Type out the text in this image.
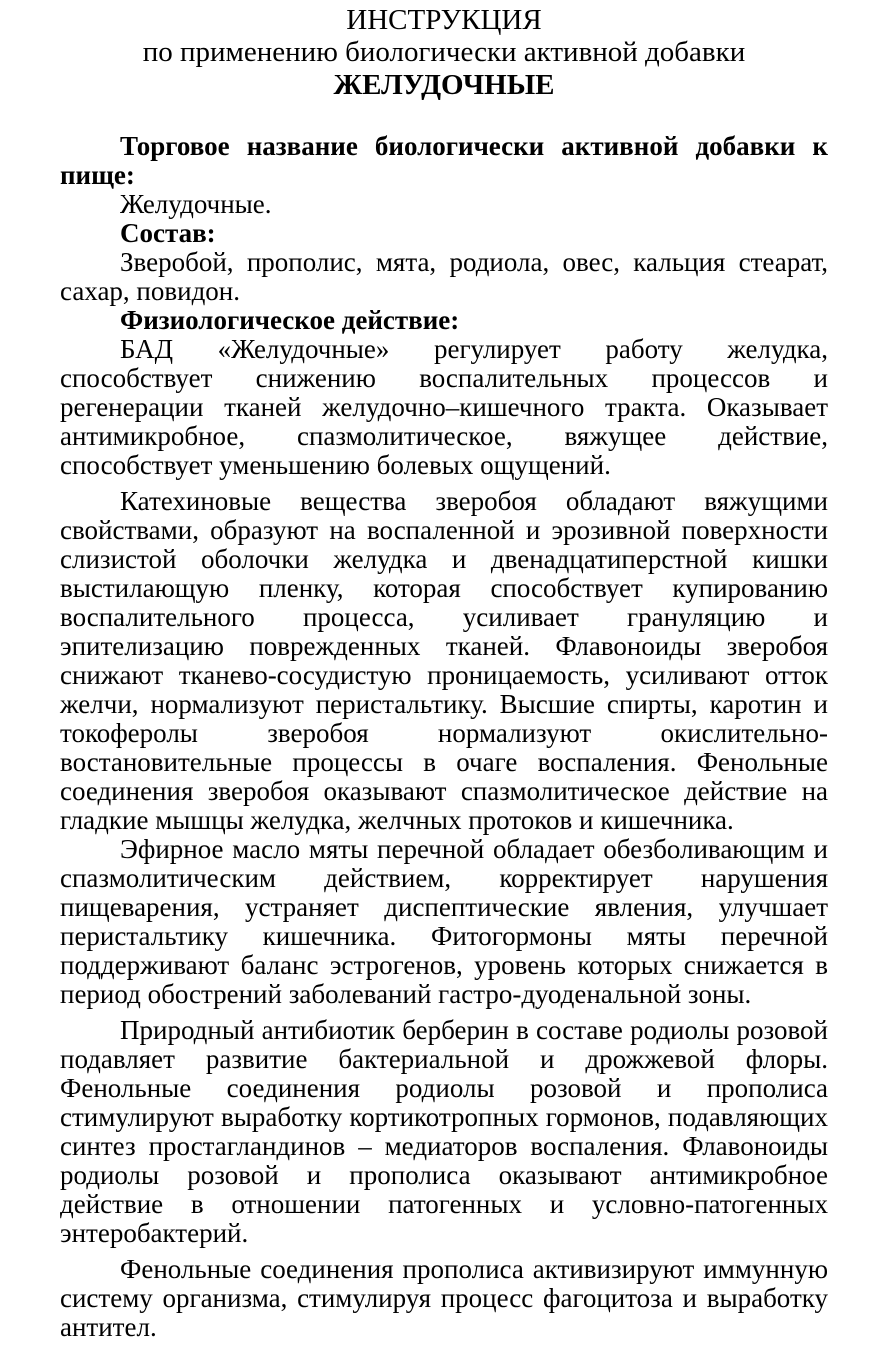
ИНСТРУКЦИЯ
по применению биологически активной добавки
ЖЕЛУДОЧНЫЕ

Торговое название биологически активной добавки к пище:

Желудочные.

Состав:

Зверобой, прополис, мята, родиола, овес, кальция стеарат, сахар, повидон.

Физиологическое действие:

БАД «Желудочные» регулирует работу желудка, способствует снижению воспалительных процессов и регенерации тканей желудочно–кишечного тракта. Оказывает антимикробное, спазмолитическое, вяжущее действие, способствует уменьшению болевых ощущений.

Катехиновые вещества зверобоя обладают вяжущими свойствами, образуют на воспаленной и эрозивной поверхности слизистой оболочки желудка и двенадцатиперстной кишки выстилающую пленку, которая способствует купированию воспалительного процесса, усиливает грануляцию и эпителизацию поврежденных тканей. Флавоноиды зверобоя снижают тканево-сосудистую проницаемость, усиливают отток желчи, нормализуют перистальтику. Высшие спирты, каротин и токоферолы зверобоя нормализуют окислительно-востановительные процессы в очаге воспаления. Фенольные соединения зверобоя оказывают спазмолитическое действие на гладкие мышцы желудка, желчных протоков и кишечника.

Эфирное масло мяты перечной обладает обезболивающим и спазмолитическим действием, корректирует нарушения пищеварения, устраняет диспептические явления, улучшает перистальтику кишечника. Фитогормоны мяты перечной поддерживают баланс эстрогенов, уровень которых снижается в период обострений заболеваний гастро-дуоденальной зоны.

Природный антибиотик берберин в составе родиолы розовой подавляет развитие бактериальной и дрожжевой флоры. Фенольные соединения родиолы розовой и прополиса стимулируют выработку кортикотропных гормонов, подавляющих синтез простагландинов – медиаторов воспаления. Флавоноиды родиолы розовой и прополиса оказывают антимикробное действие в отношении патогенных и условно-патогенных энтеробактерий.

Фенольные соединения прополиса активизируют иммунную систему организма, стимулируя процесс фагоцитоза и выработку антител.
